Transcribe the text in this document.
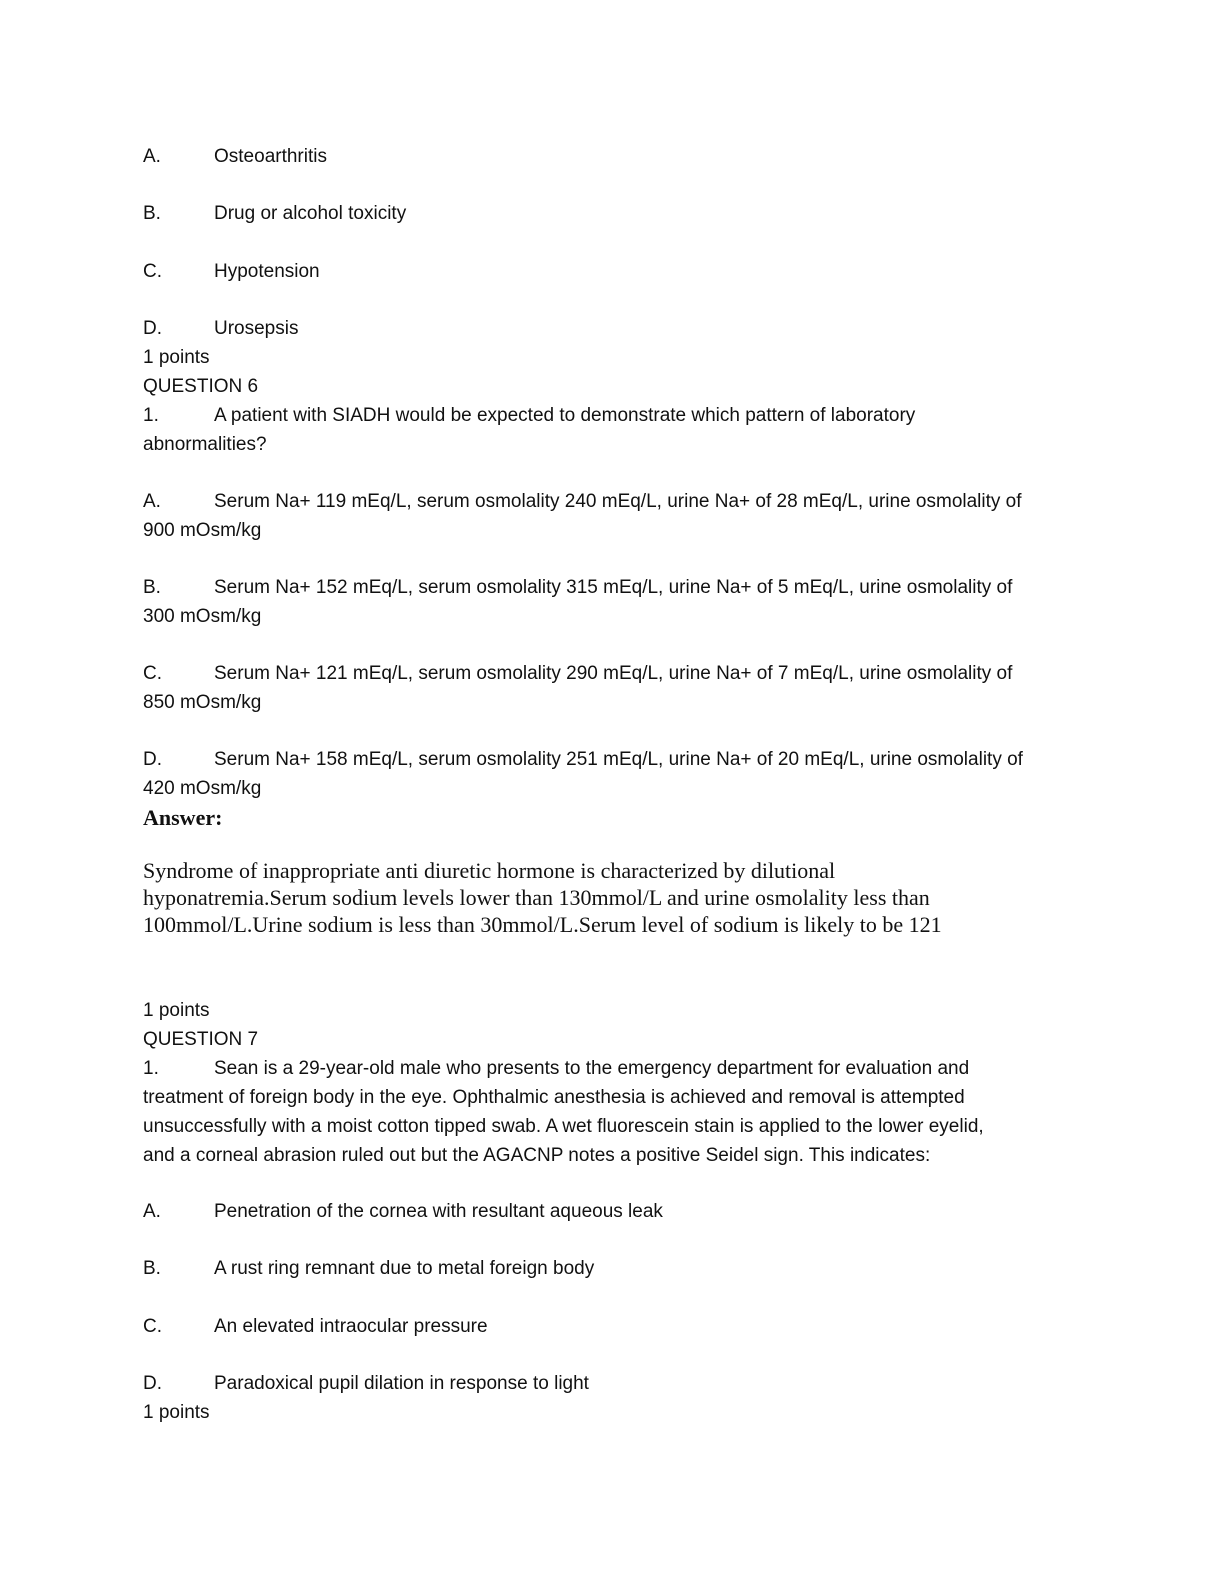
A.	Osteoarthritis
B.	Drug or alcohol toxicity
C.	Hypotension
D.	Urosepsis
1 points
QUESTION 6
1.	A patient with SIADH would be expected to demonstrate which pattern of laboratory
abnormalities?
A.	Serum Na+ 119 mEq/L, serum osmolality 240 mEq/L, urine Na+ of 28 mEq/L, urine osmolality of
900 mOsm/kg
B.	Serum Na+ 152 mEq/L, serum osmolality 315 mEq/L, urine Na+ of 5 mEq/L, urine osmolality of
300 mOsm/kg
C.	Serum Na+ 121 mEq/L, serum osmolality 290 mEq/L, urine Na+ of 7 mEq/L, urine osmolality of
850 mOsm/kg
D.	Serum Na+ 158 mEq/L, serum osmolality 251 mEq/L, urine Na+ of 20 mEq/L, urine osmolality of
420 mOsm/kg
Answer:
Syndrome of inappropriate anti diuretic hormone is characterized by dilutional
hyponatremia.Serum sodium levels lower than 130mmol/L and urine osmolality less than
100mmol/L.Urine sodium is less than 30mmol/L.Serum level of sodium is likely to be 121
1 points
QUESTION 7
1.	Sean is a 29-year-old male who presents to the emergency department for evaluation and
treatment of foreign body in the eye. Ophthalmic anesthesia is achieved and removal is attempted
unsuccessfully with a moist cotton tipped swab. A wet fluorescein stain is applied to the lower eyelid,
and a corneal abrasion ruled out but the AGACNP notes a positive Seidel sign. This indicates:
A.	Penetration of the cornea with resultant aqueous leak
B.	A rust ring remnant due to metal foreign body
C.	An elevated intraocular pressure
D.	Paradoxical pupil dilation in response to light
1 points
